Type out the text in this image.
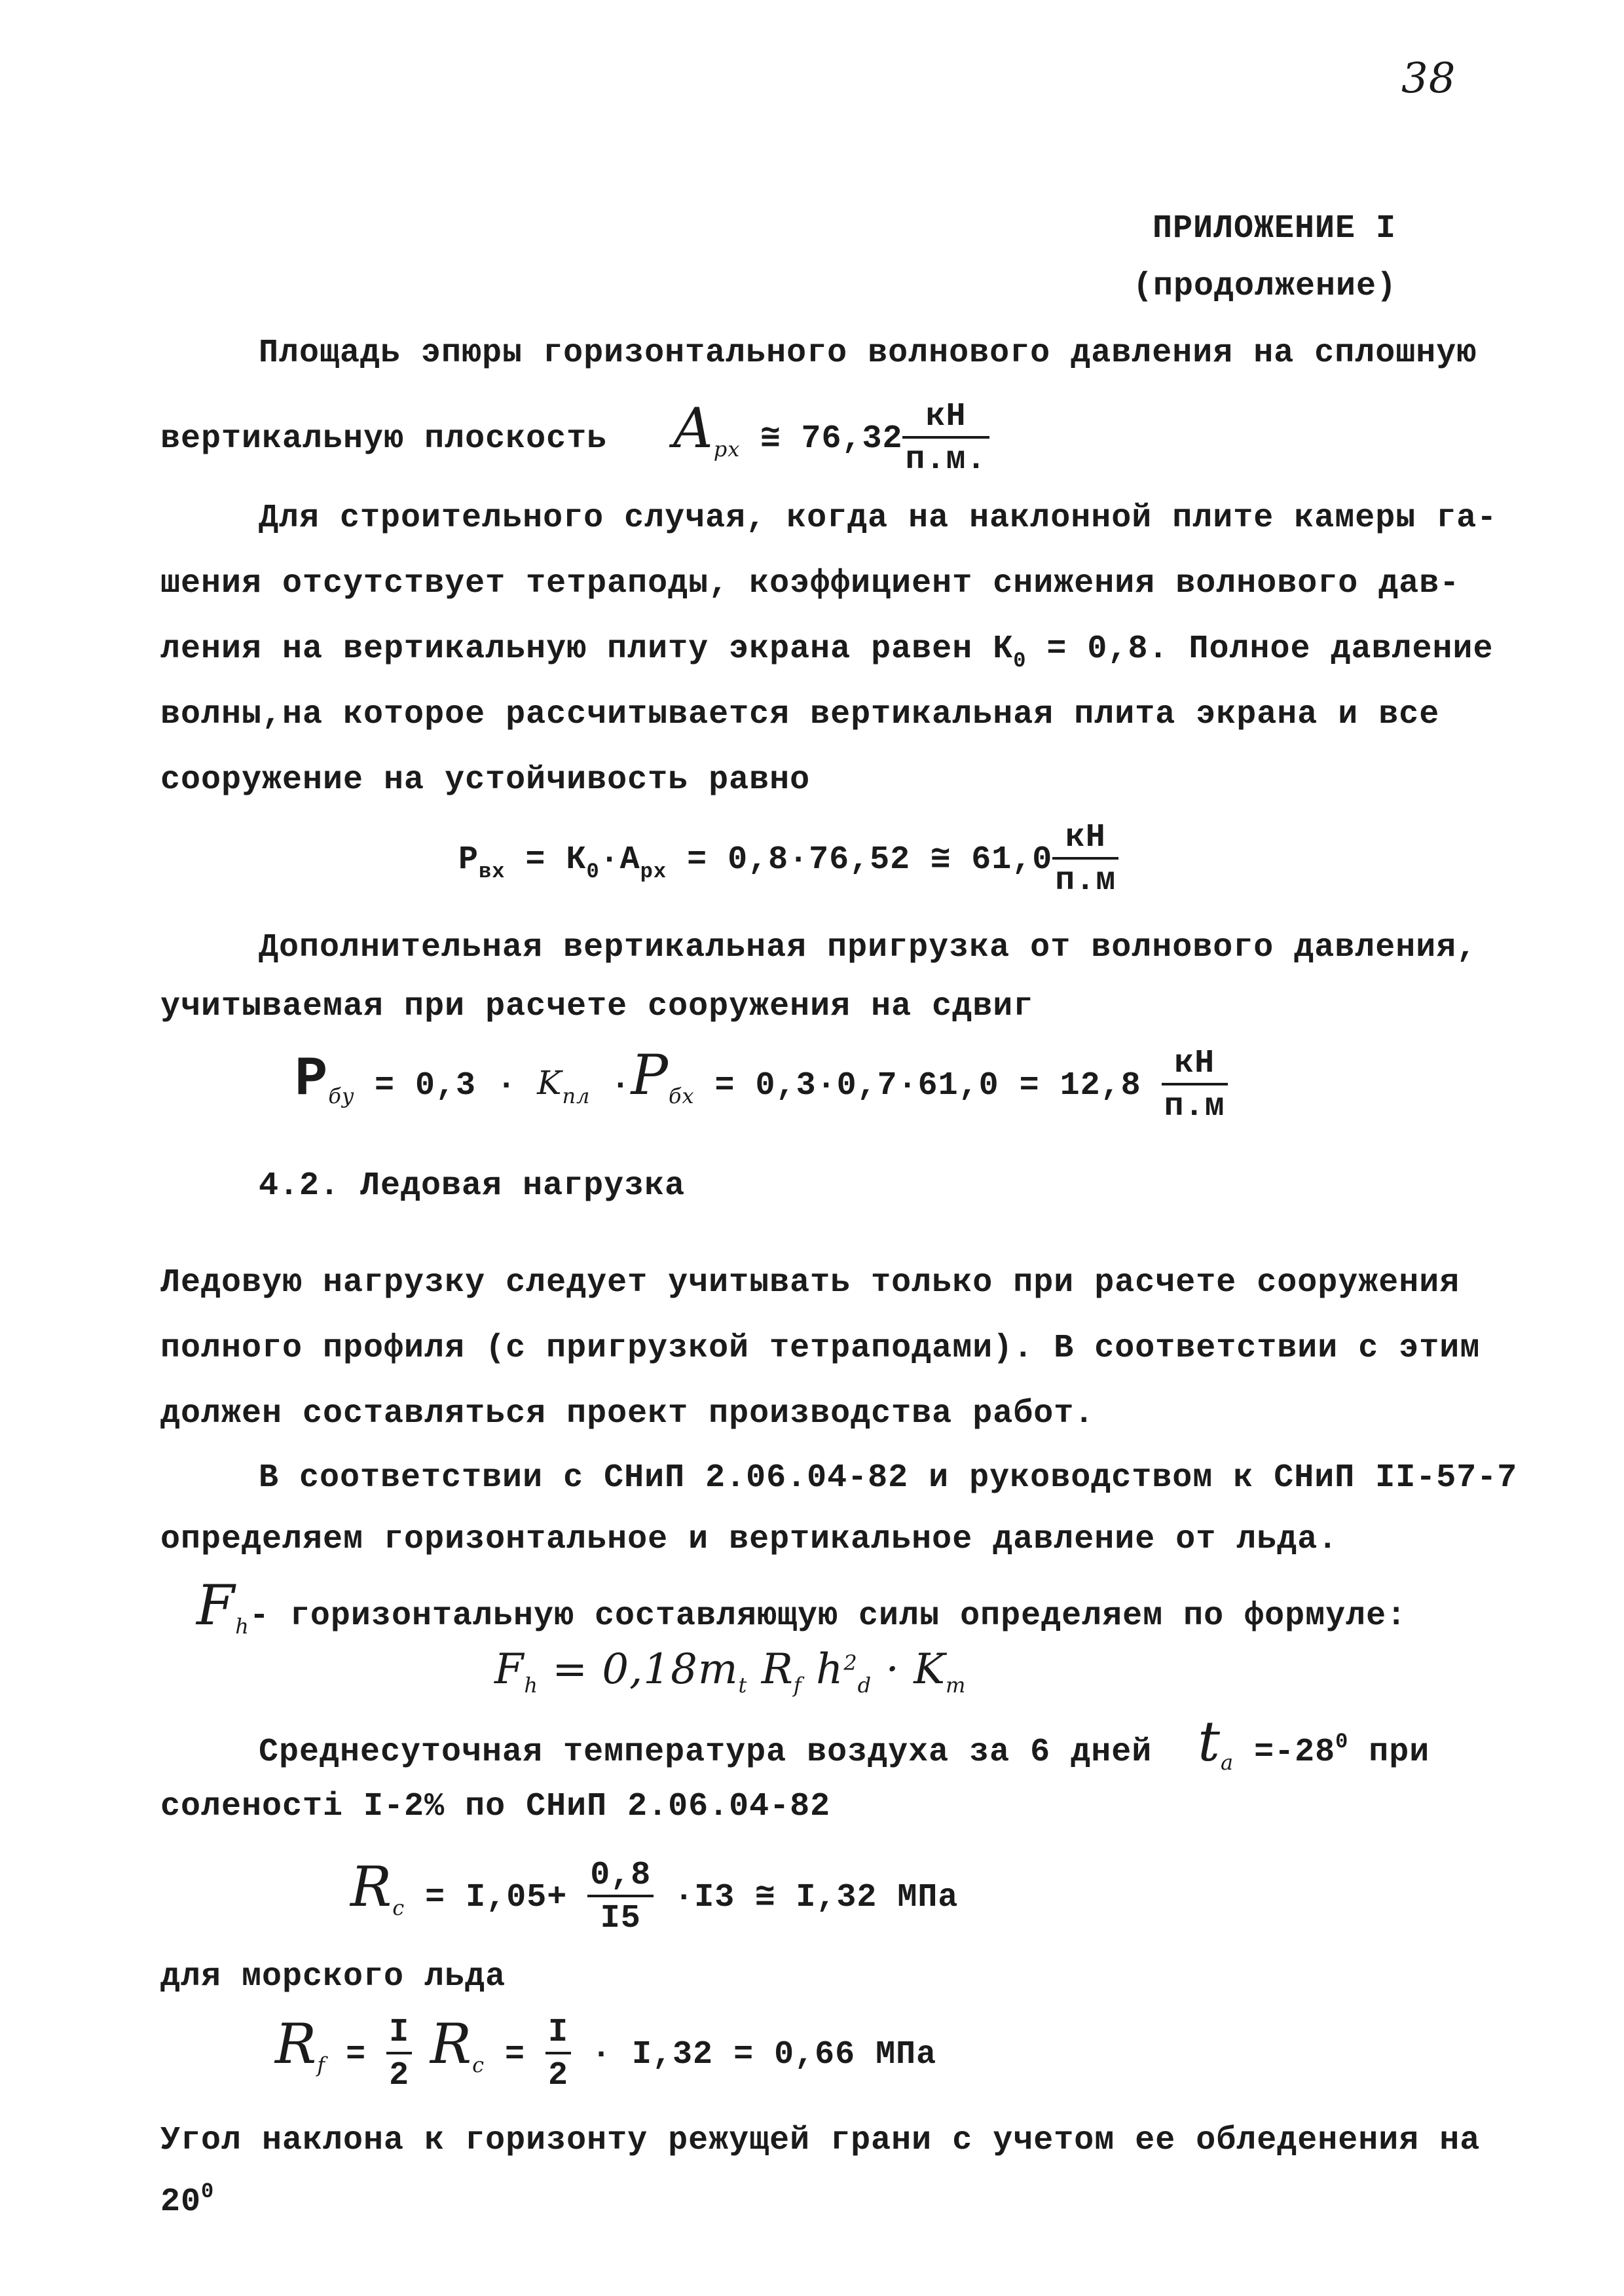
38
ПРИЛОЖЕНИЕ I
(продолжение)
Площадь эпюры горизонтального волнового давления на сплошную
вертикальную плоскость $A_{px}$ ≅ $76,32 \frac{кН}{п.м.}$
Для строительного случая, когда на наклонной плите камеры га-
шения отсутствует тетраподы, коэффициент снижения волнового дав-
ления на вертикальную плиту экрана равен $К_0 = 0,8$. Полное давление
волны,на которое рассчитывается вертикальная плита экрана и все
сооружение на устойчивость равно
$P_{вх} = К_0\cdot А_{рх} = 0,8\cdot 76,52$ ≅ $61,0 \frac{кН}{п.м}$
Дополнительная вертикальная пригрузка от волнового давления,
учитываемая при расчете сооружения на сдвиг
$P_{бy} = 0,3 \cdot K_{пл} \cdot P_{бх} = 0,3\cdot 0,7\cdot 61,0 = 12,8 \frac{кН}{п.м}$
4.2. Ледовая нагрузка
Ледовую нагрузку следует учитывать только при расчете сооружения
полного профиля (с пригрузкой тетраподами). В соответствии с этим
должен составляться проект производства работ.
В соответствии с СНиП 2.06.04-82 и руководством к СНиП II-57-7
определяем горизонтальное и вертикальное давление от льда.
$F_h-$ горизонтальную составляющую силы определяем по формуле:
$F_h = 0,18m_t$ $R_f$ $h^2_d \cdot K_т$
Среднесуточная температура воздуха за 6 дней $t_a =-28^0$ при
соленості I-2% по СНиП 2.06.04-82
$R_c = I,05+ \frac{0,8}{I5} \cdot I3$ ≅ I,32 МПа
для морского льда
$R_f = \frac{I}{2} R_c = \frac{I}{2} \cdot I,32 = 0,66$ МПа
Угол наклона к горизонту режущей грани с учетом ее обледенения на
$20^0$
